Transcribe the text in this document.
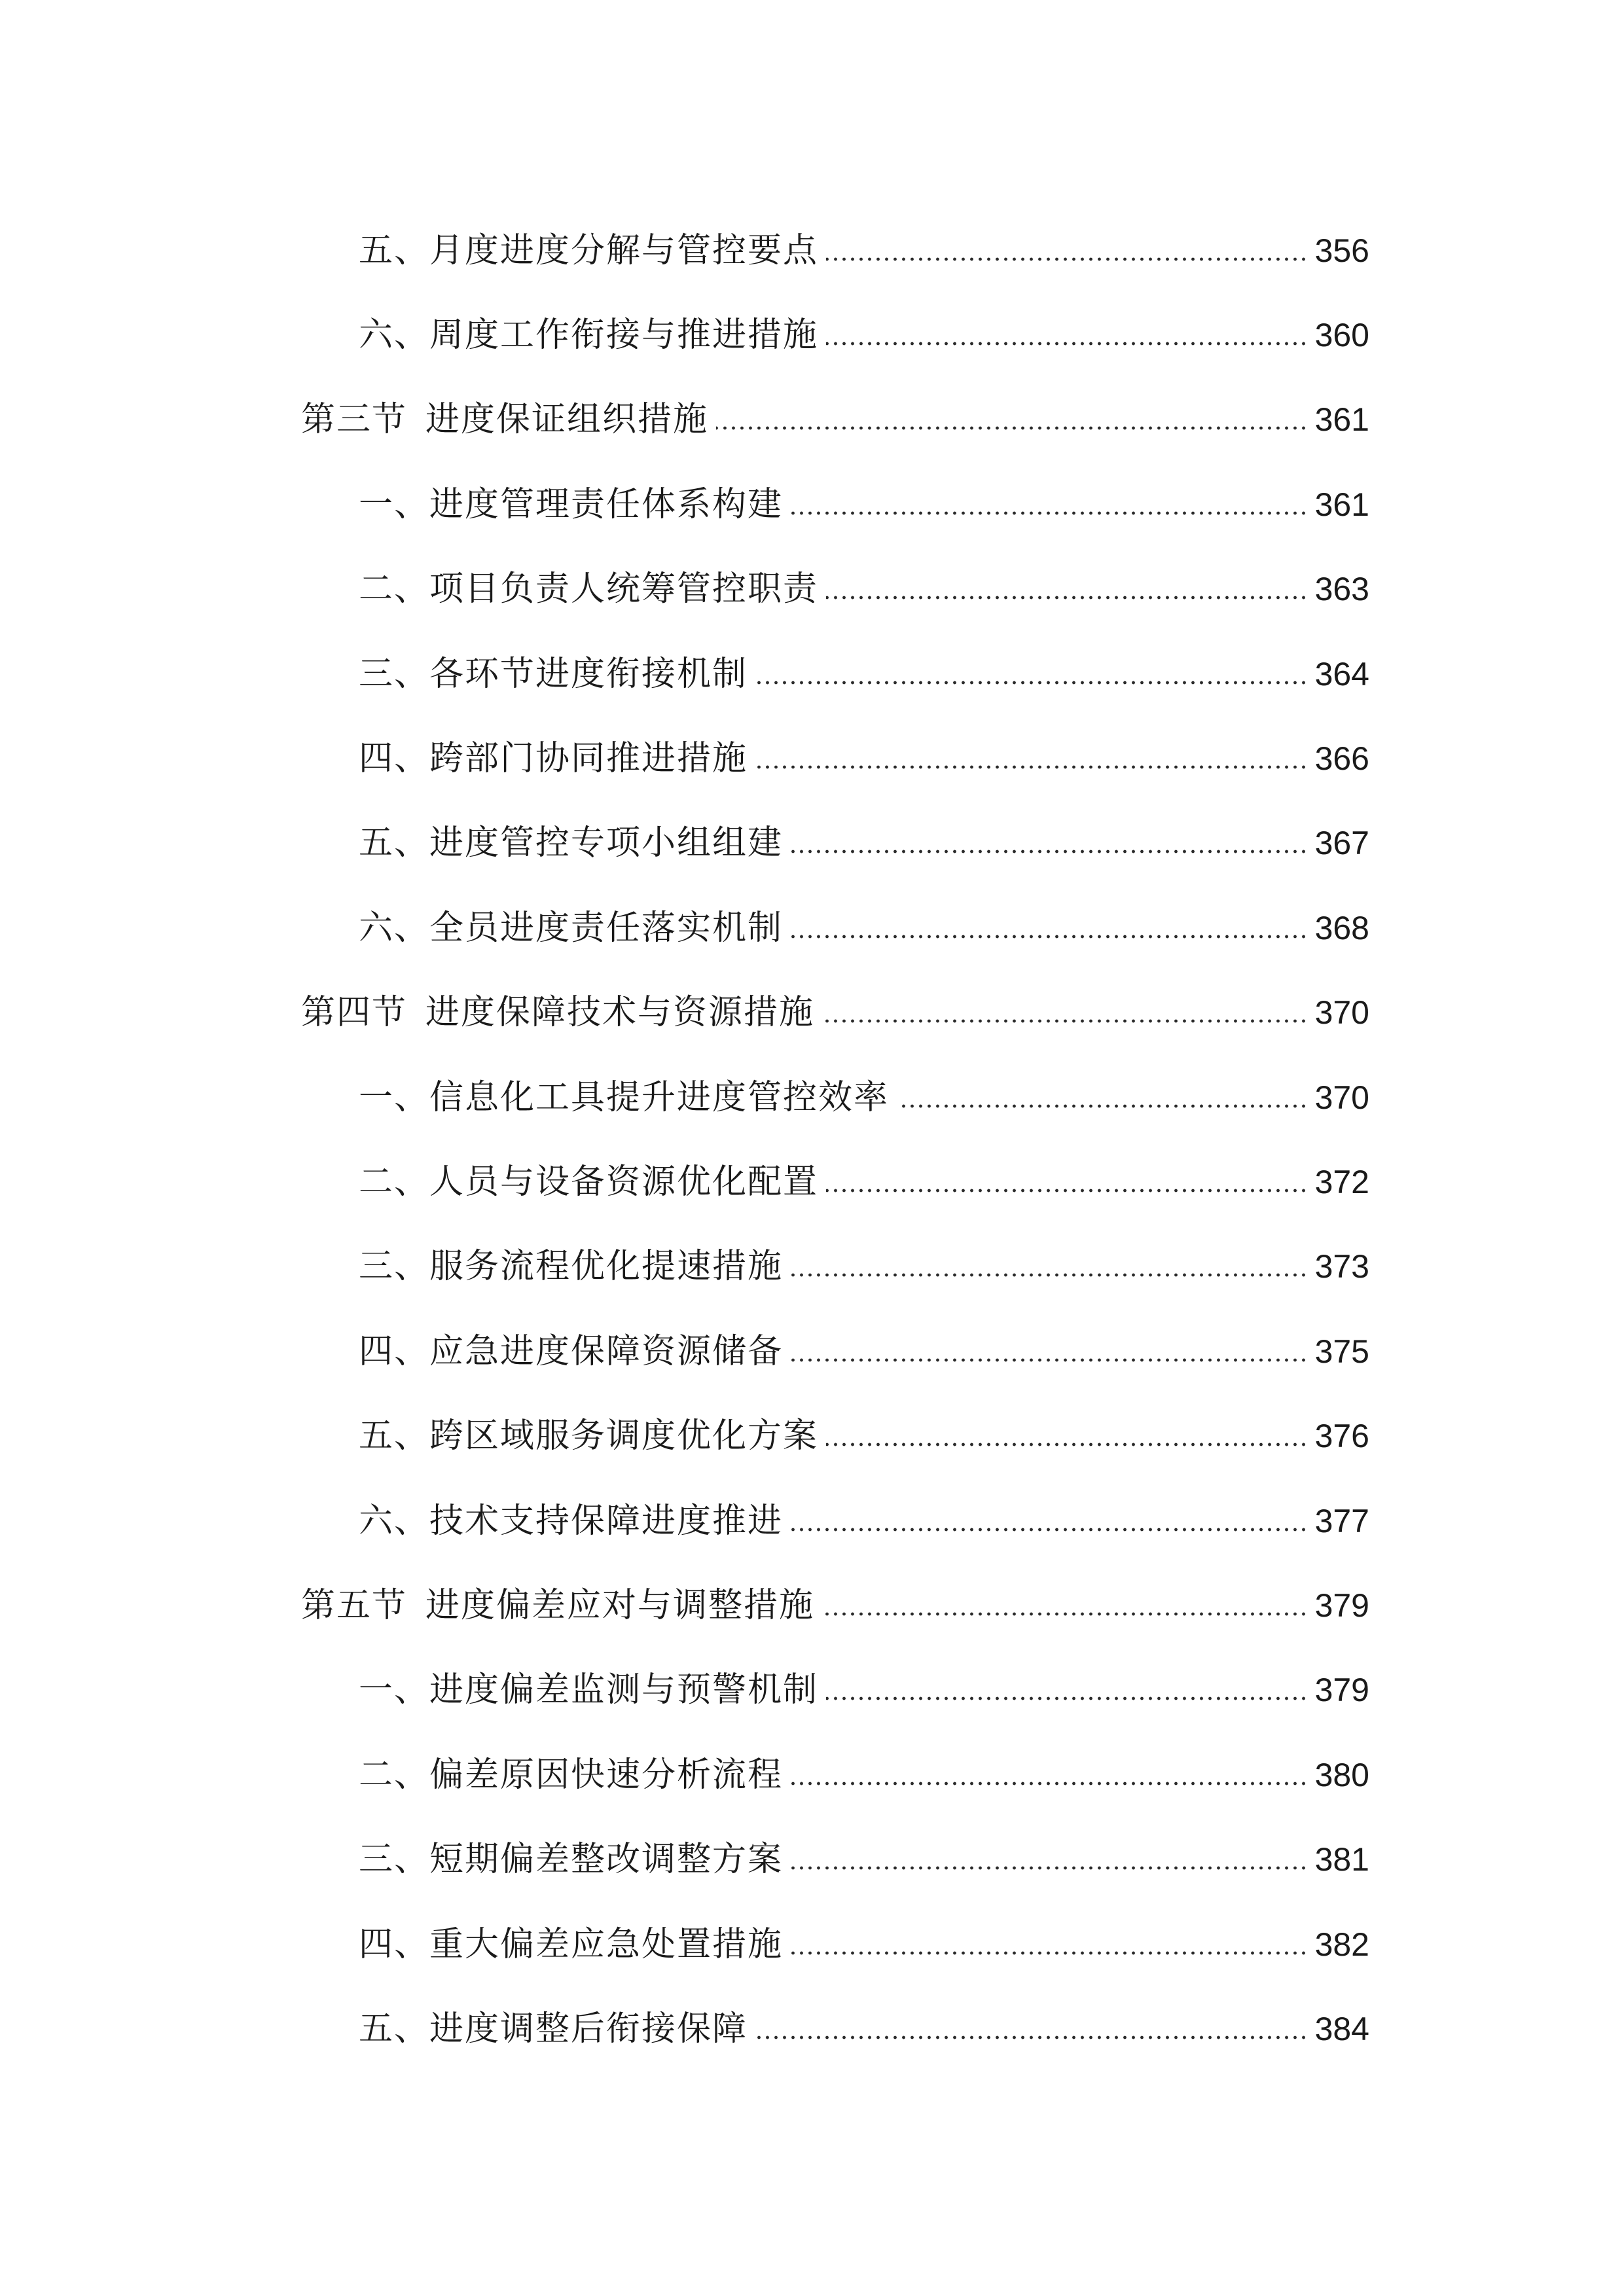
五、月度进度分解与管控要点	356
六、周度工作衔接与推进措施	360
第三节 进度保证组织措施	361
一、进度管理责任体系构建	361
二、项目负责人统筹管控职责	363
三、各环节进度衔接机制	364
四、跨部门协同推进措施	366
五、进度管控专项小组组建	367
六、全员进度责任落实机制	368
第四节 进度保障技术与资源措施	370
一、信息化工具提升进度管控效率	370
二、人员与设备资源优化配置	372
三、服务流程优化提速措施	373
四、应急进度保障资源储备	375
五、跨区域服务调度优化方案	376
六、技术支持保障进度推进	377
第五节 进度偏差应对与调整措施	379
一、进度偏差监测与预警机制	379
二、偏差原因快速分析流程	380
三、短期偏差整改调整方案	381
四、重大偏差应急处置措施	382
五、进度调整后衔接保障	384
